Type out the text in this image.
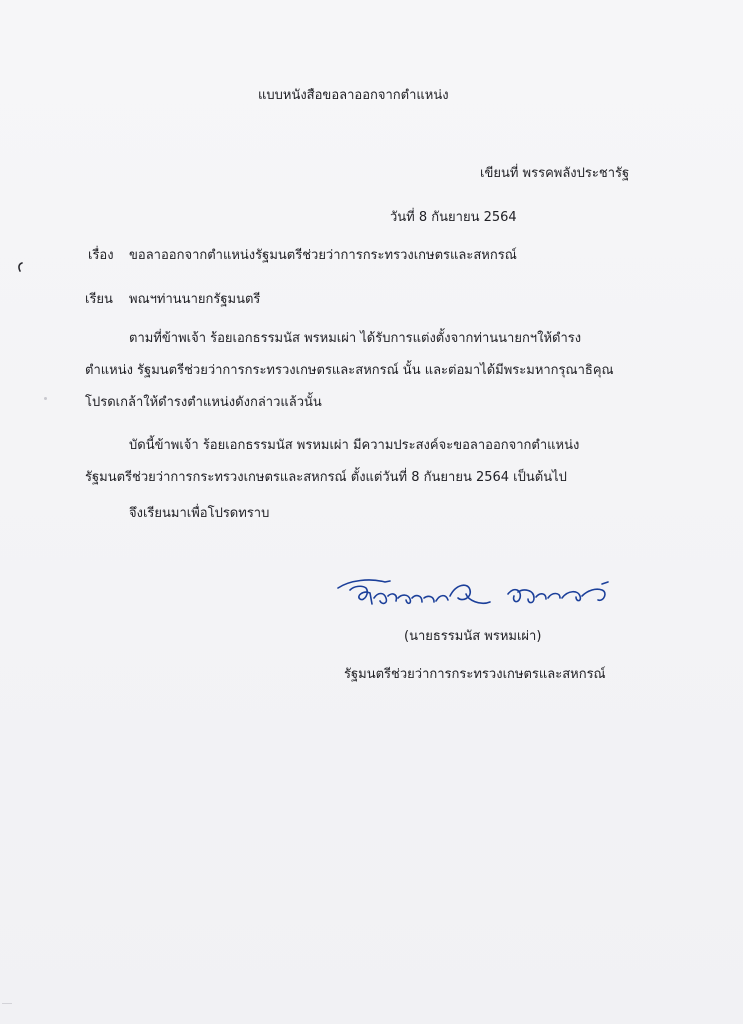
แบบหนังสือขอลาออกจากตำแหน่ง
เขียนที่ พรรคพลังประชารัฐ
วันที่ 8 กันยายน 2564
เรื่อง ขอลาออกจากตำแหน่งรัฐมนตรีช่วยว่าการกระทรวงเกษตรและสหกรณ์
เรียน พณฯท่านนายกรัฐมนตรี
ตามที่ข้าพเจ้า ร้อยเอกธรรมนัส พรหมเผ่า ได้รับการแต่งตั้งจากท่านนายกฯให้ดำรง
ตำแหน่ง รัฐมนตรีช่วยว่าการกระทรวงเกษตรและสหกรณ์ นั้น และต่อมาได้มีพระมหากรุณาธิคุณ
โปรดเกล้าให้ดำรงตำแหน่งดังกล่าวแล้วนั้น
บัดนี้ข้าพเจ้า ร้อยเอกธรรมนัส พรหมเผ่า มีความประสงค์จะขอลาออกจากตำแหน่ง
รัฐมนตรีช่วยว่าการกระทรวงเกษตรและสหกรณ์ ตั้งแต่วันที่ 8 กันยายน 2564 เป็นต้นไป
จึงเรียนมาเพื่อโปรดทราบ
(นายธรรมนัส พรหมเผ่า)
รัฐมนตรีช่วยว่าการกระทรวงเกษตรและสหกรณ์
